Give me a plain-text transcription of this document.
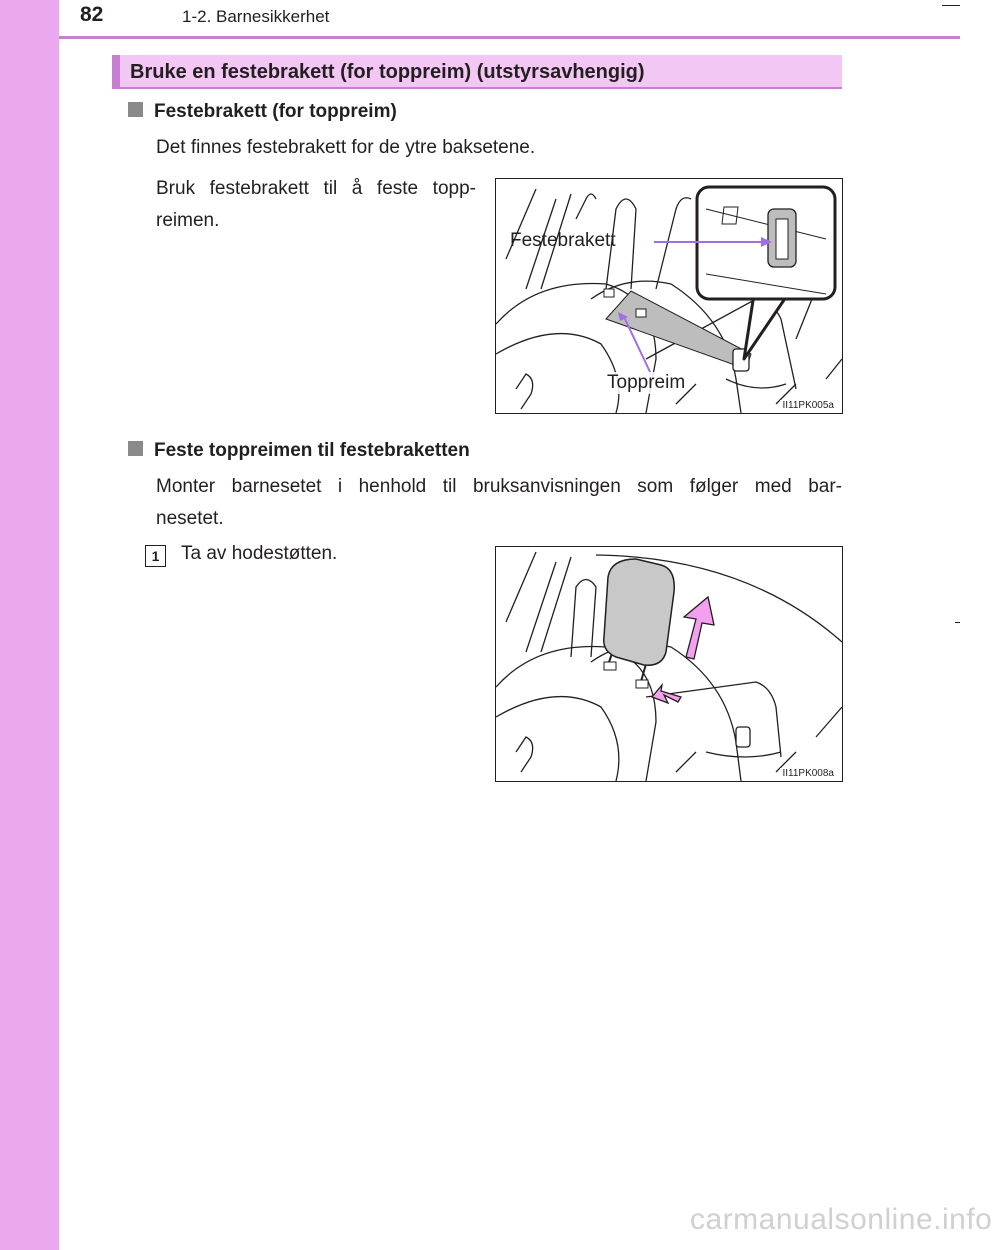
82	1-2. Barnesikkerhet
Bruke en festebrakett (for toppreim) (utstyrsavhengig)
Festebrakett (for toppreim)
Det finnes festebrakett for de ytre baksetene.
Bruk festebrakett til å feste topp-
reimen.
Festebrakett
Toppreim
II11PK005a
Feste toppreimen til festebraketten
Monter barnesetet i henhold til bruksanvisningen som følger med bar-
nesetet.
1	Ta av hodestøtten.
II11PK008a
carmanualsonline.info
